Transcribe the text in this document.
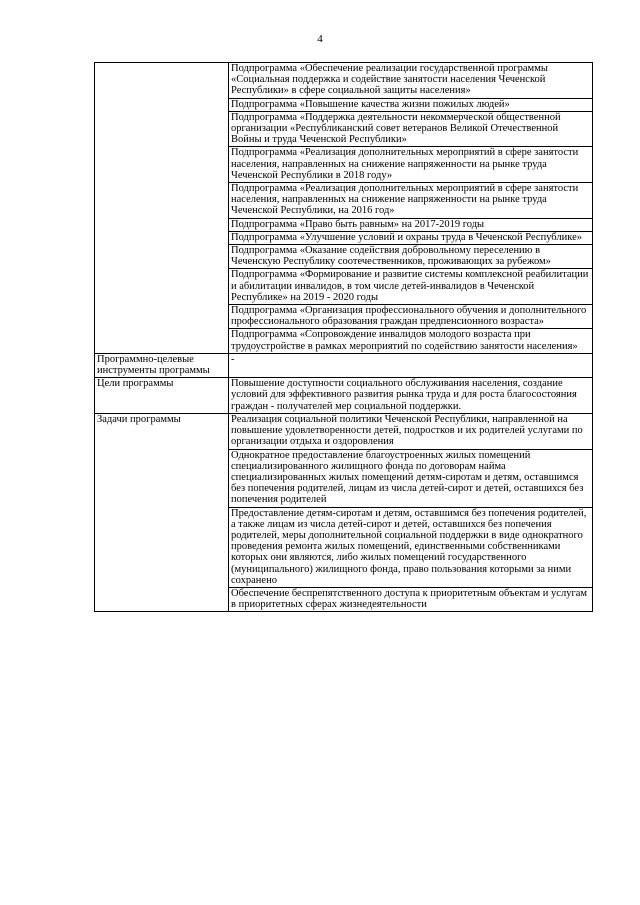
4
	Подпрограмма «Обеспечение реализации государственной программы «Социальная поддержка и содействие занятости населения Чеченской Республики» в сфере социальной защиты населения»
	Подпрограмма «Повышение качества жизни пожилых людей»
	Подпрограмма «Поддержка деятельности некоммерческой общественной организации «Республиканский совет ветеранов Великой Отечественной Войны и труда Чеченской Республики»
	Подпрограмма «Реализация дополнительных мероприятий в сфере занятости населения, направленных на снижение напряженности на рынке труда Чеченской Республики в 2018 году»
	Подпрограмма «Реализация дополнительных мероприятий в сфере занятости населения, направленных на снижение напряженности на рынке труда Чеченской Республики, на 2016 год»
	Подпрограмма «Право быть равным» на 2017-2019 годы
	Подпрограмма «Улучшение условий и охраны труда в Чеченской Республике»
	Подпрограмма «Оказание содействия добровольному переселению в Чеченскую Республику соотечественников, проживающих за рубежом»
	Подпрограмма «Формирование и развитие системы комплексной реабилитации и абилитации инвалидов, в том числе детей-инвалидов в Чеченской Республике» на 2019 - 2020 годы
	Подпрограмма «Организация профессионального обучения и дополнительного профессионального образования граждан предпенсионного возраста»
	Подпрограмма «Сопровождение инвалидов молодого возраста при трудоустройстве в рамках мероприятий по содействию занятости населения»
Программно-целевые инструменты программы	-
Цели программы	Повышение доступности социального обслуживания населения, создание условий для эффективного развития рынка труда и для роста благосостояния граждан - получателей мер социальной поддержки.
Задачи программы	Реализация социальной политики Чеченской Республики, направленной на повышение удовлетворенности детей, подростков и их родителей услугами по организации отдыха и оздоровления
	Однократное предоставление благоустроенных жилых помещений специализированного жилищного фонда по договорам найма специализированных жилых помещений детям-сиротам и детям, оставшимся без попечения родителей, лицам из числа детей-сирот и детей, оставшихся без попечения родителей
	Предоставление детям-сиротам и детям, оставшимся без попечения родителей, а также лицам из числа детей-сирот и детей, оставшихся без попечения родителей, меры дополнительной социальной поддержки в виде однократного проведения ремонта жилых помещений, единственными собственниками которых они являются, либо жилых помещений государственного (муниципального) жилищного фонда, право пользования которыми за ними сохранено
	Обеспечение беспрепятственного доступа к приоритетным объектам и услугам в приоритетных сферах жизнедеятельности
